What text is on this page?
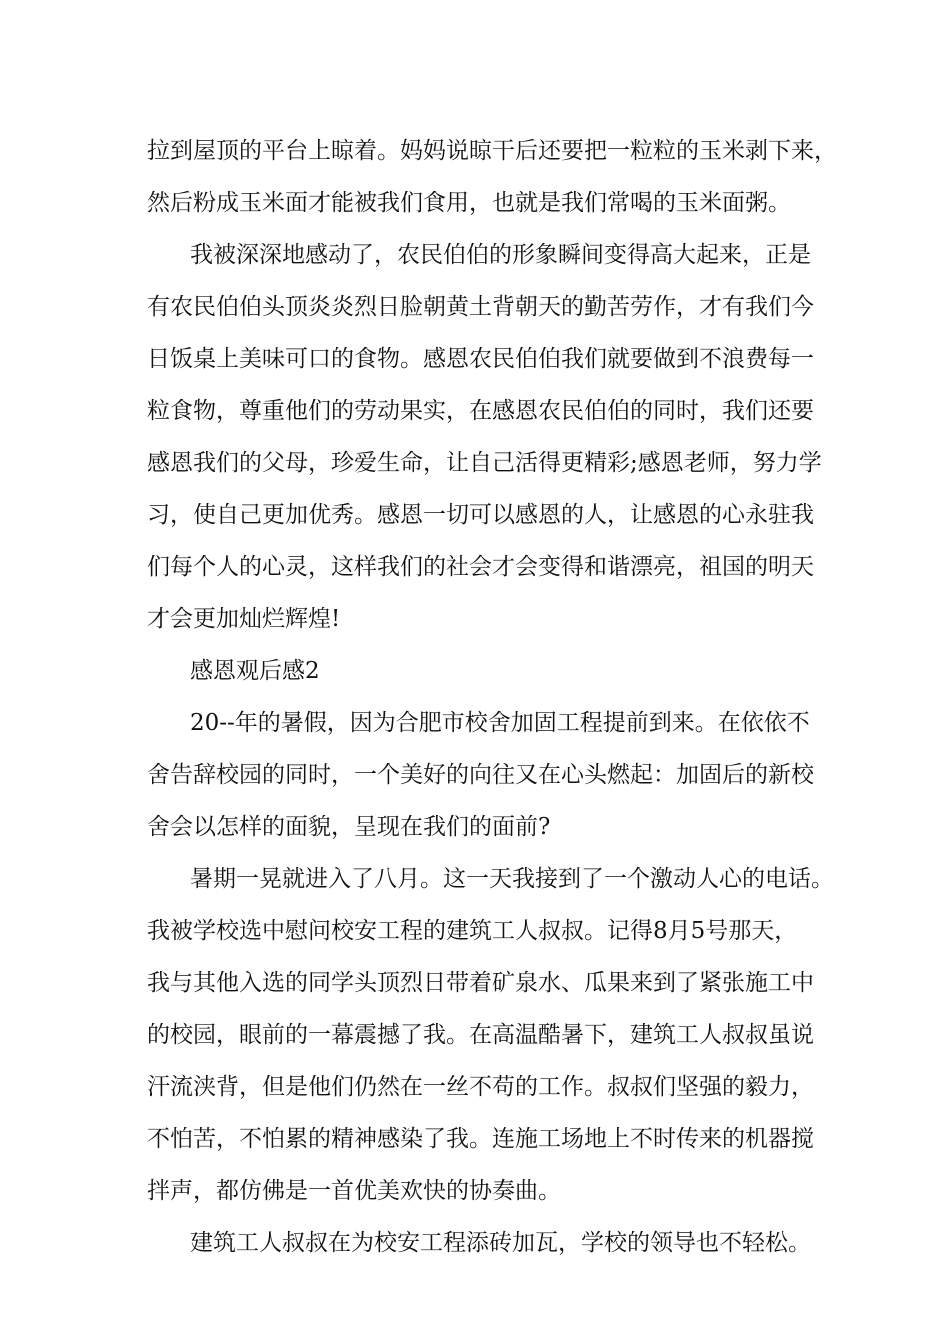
拉到屋顶的平台上晾着。妈妈说晾干后还要把一粒粒的玉米剥下来，
然后粉成玉米面才能被我们食用，也就是我们常喝的玉米面粥。
我被深深地感动了，农民伯伯的形象瞬间变得高大起来，正是
有农民伯伯头顶炎炎烈日脸朝黄土背朝天的勤苦劳作，才有我们今
日饭桌上美味可口的食物。感恩农民伯伯我们就要做到不浪费每一
粒食物，尊重他们的劳动果实，在感恩农民伯伯的同时，我们还要
感恩我们的父母，珍爱生命，让自己活得更精彩;感恩老师，努力学
习，使自己更加优秀。感恩一切可以感恩的人，让感恩的心永驻我
们每个人的心灵，这样我们的社会才会变得和谐漂亮，祖国的明天
才会更加灿烂辉煌!
感恩观后感2
20--年的暑假，因为合肥市校舍加固工程提前到来。在依依不
舍告辞校园的同时，一个美好的向往又在心头燃起：加固后的新校
舍会以怎样的面貌，呈现在我们的面前?
暑期一晃就进入了八月。这一天我接到了一个激动人心的电话。
我被学校选中慰问校安工程的建筑工人叔叔。记得8月5号那天，
我与其他入选的同学头顶烈日带着矿泉水、瓜果来到了紧张施工中
的校园，眼前的一幕震撼了我。在高温酷暑下，建筑工人叔叔虽说
汗流浃背，但是他们仍然在一丝不苟的工作。叔叔们坚强的毅力，
不怕苦，不怕累的精神感染了我。连施工场地上不时传来的机器搅
拌声，都仿佛是一首优美欢快的协奏曲。
建筑工人叔叔在为校安工程添砖加瓦，学校的领导也不轻松。
